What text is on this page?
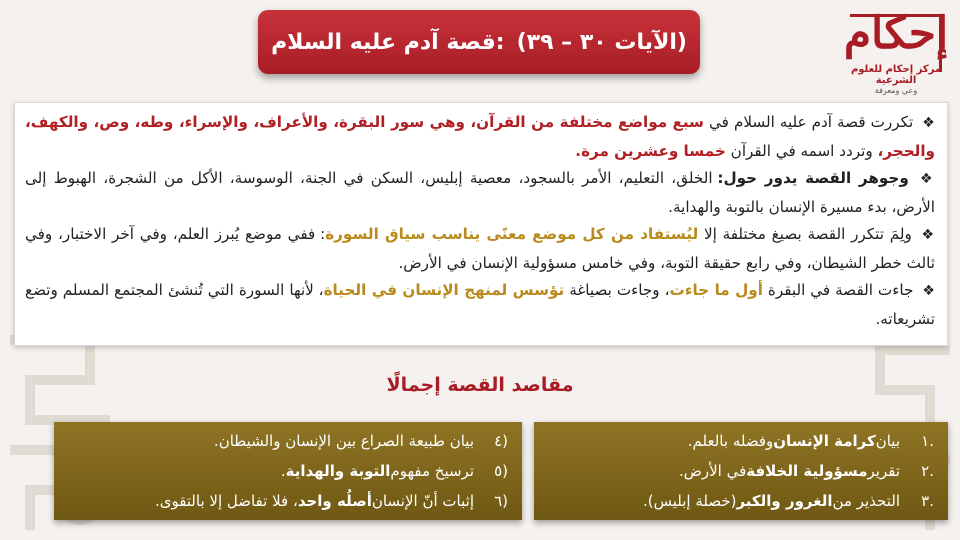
(الآيات ٣٠ – ٣٩)
:قصة آدم عليه السلام	إحكام
مركز إحكام للعلوم الشرعية
وعي ومعرفة

❖ تكررت قصة آدم عليه السلام في سبع مواضع مختلفة من القرآن، وهي سور البقرة، والأعراف، والإسراء، وطه، وص، والكهف، والحجر، وتردد اسمه في القرآن خمسا وعشرين مرة.

❖ وجوهر القصة يدور حول: الخلق، التعليم، الأمر بالسجود، معصية إبليس، السكن في الجنة، الوسوسة، الأكل من الشجرة، الهبوط إلى الأرض، بدء مسيرة الإنسان بالتوبة والهداية.

❖ ولِمَ تتكرر القصة بصيغ مختلفة إلا ليُستفاد من كل موضع معنًى يناسب سياق السورة: ففي موضع يُبرز العلم، وفي آخر الاختبار، وفي ثالث خطر الشيطان، وفي رابع حقيقة التوبة، وفي خامس مسؤولية الإنسان في الأرض.

❖ جاءت القصة في البقرة أول ما جاءت، وجاءت بصياغة تؤسس لمنهج الإنسان في الحياة، لأنها السورة التي تُنشئ المجتمع المسلم وتضع تشريعاته.

مقاصد القصة إجمالًا
.١
بيان
كرامة الإنسان
وفضله بالعلم.
.٢
تقرير
مسؤولية الخلافة
في الأرض.
.٣
التحذير من
الغرور والكبر
(خصلة إبليس).
(٤
بيان طبيعة الصراع بين الإنسان والشيطان.
(٥
ترسيخ مفهوم
التوبة والهداية
.
(٦
إثبات أنّ الإنسان
أصلُه واحد
، فلا تفاضل إلا بالتقوى.
